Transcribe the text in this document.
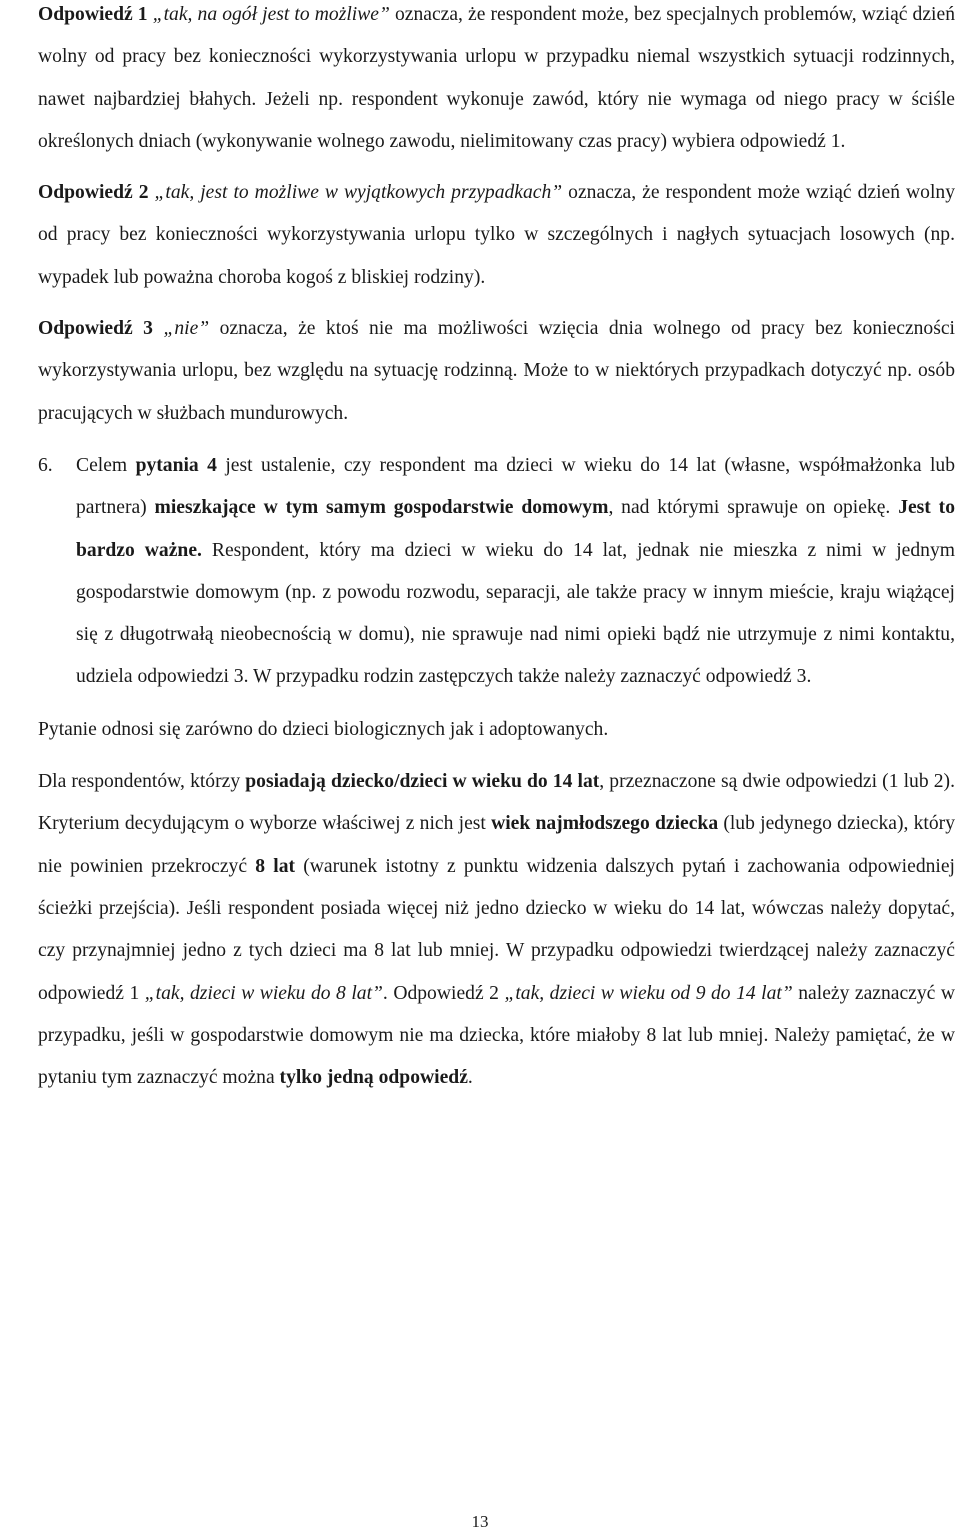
Odpowiedź 1 „tak, na ogół jest to możliwe” oznacza, że respondent może, bez specjalnych problemów, wziąć dzień wolny od pracy bez konieczności wykorzystywania urlopu w przypadku niemal wszystkich sytuacji rodzinnych, nawet najbardziej błahych. Jeżeli np. respondent wykonuje zawód, który nie wymaga od niego pracy w ściśle określonych dniach (wykonywanie wolnego zawodu, nielimitowany czas pracy) wybiera odpowiedź 1.

Odpowiedź 2 „tak, jest to możliwe w wyjątkowych przypadkach” oznacza, że respondent może wziąć dzień wolny od pracy bez konieczności wykorzystywania urlopu tylko w szczególnych i nagłych sytuacjach losowych (np. wypadek lub poważna choroba kogoś z bliskiej rodziny).

Odpowiedź 3 „nie” oznacza, że ktoś nie ma możliwości wzięcia dnia wolnego od pracy bez konieczności wykorzystywania urlopu, bez względu na sytuację rodzinną. Może to w niektórych przypadkach dotyczyć np. osób pracujących w służbach mundurowych.

6.	Celem pytania 4 jest ustalenie, czy respondent ma dzieci w wieku do 14 lat (własne, współmałżonka lub partnera) mieszkające w tym samym gospodarstwie domowym, nad którymi sprawuje on opiekę. Jest to bardzo ważne. Respondent, który ma dzieci w wieku do 14 lat, jednak nie mieszka z nimi w jednym gospodarstwie domowym (np. z powodu rozwodu, separacji, ale także pracy w innym mieście, kraju wiążącej się z długotrwałą nieobecnością w domu), nie sprawuje nad nimi opieki bądź nie utrzymuje z nimi kontaktu, udziela odpowiedzi 3. W przypadku rodzin zastępczych także należy zaznaczyć odpowiedź 3.

Pytanie odnosi się zarówno do dzieci biologicznych jak i adoptowanych.

Dla respondentów, którzy posiadają dziecko/dzieci w wieku do 14 lat, przeznaczone są dwie odpowiedzi (1 lub 2). Kryterium decydującym o wyborze właściwej z nich jest wiek najmłodszego dziecka (lub jedynego dziecka), który nie powinien przekroczyć 8 lat (warunek istotny z punktu widzenia dalszych pytań i zachowania odpowiedniej ścieżki przejścia). Jeśli respondent posiada więcej niż jedno dziecko w wieku do 14 lat, wówczas należy dopytać, czy przynajmniej jedno z tych dzieci ma 8 lat lub mniej. W przypadku odpowiedzi twierdzącej należy zaznaczyć odpowiedź 1 „tak, dzieci w wieku do 8 lat”. Odpowiedź 2 „tak, dzieci w wieku od 9 do 14 lat” należy zaznaczyć w przypadku, jeśli w gospodarstwie domowym nie ma dziecka, które miałoby 8 lat lub mniej. Należy pamiętać, że w pytaniu tym zaznaczyć można tylko jedną odpowiedź.

13
